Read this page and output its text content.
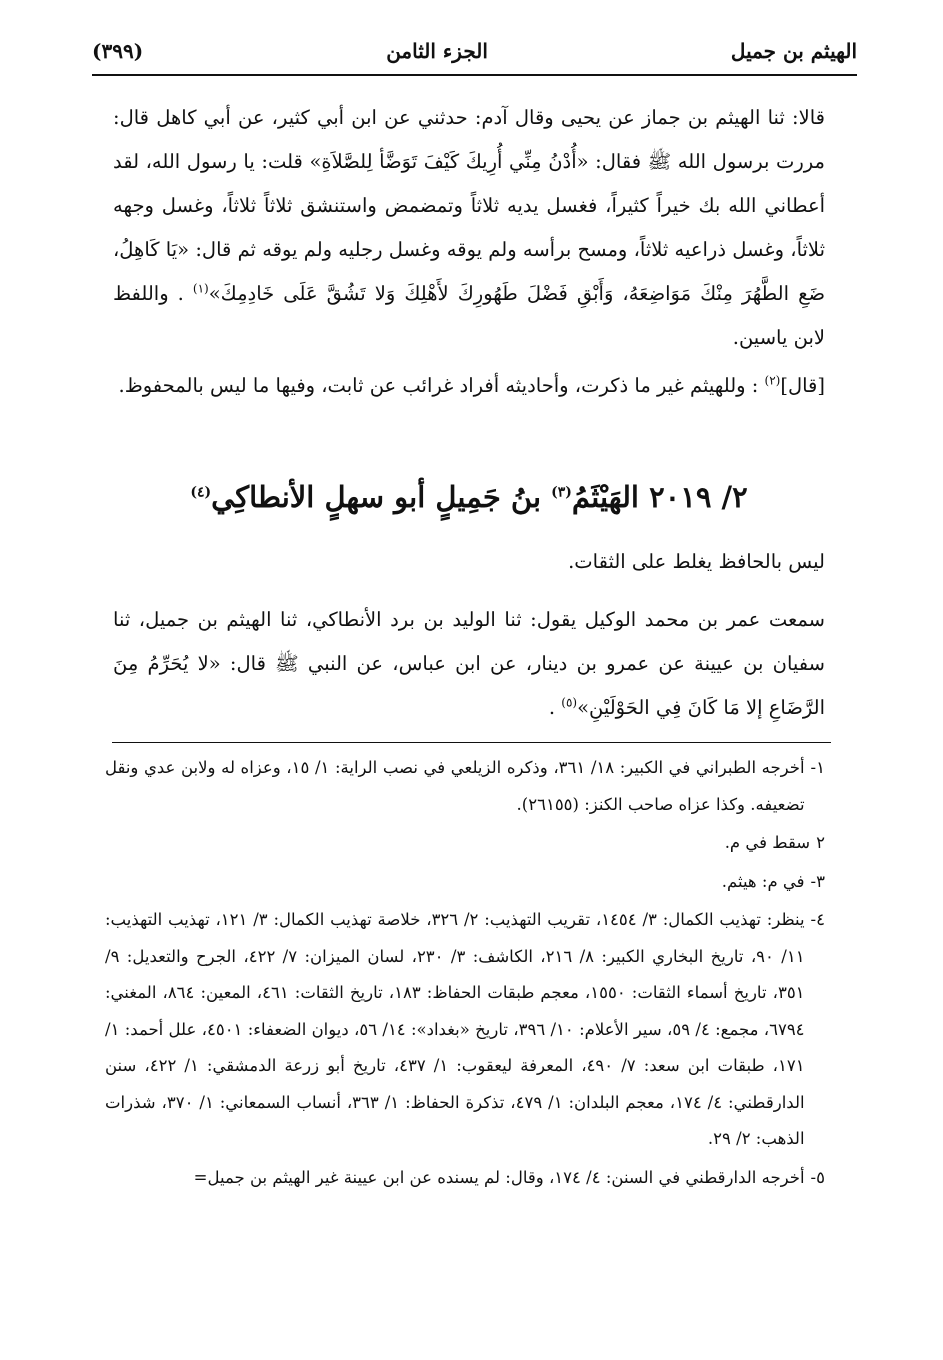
الهيثم بن جميل
الجزء الثامن
(٣٩٩)

قالا: ثنا الهيثم بن جماز عن يحيى وقال آدم: حدثني عن ابن أبي كثير، عن أبي كاهل قال: مررت برسول الله ﷺ فقال: «أُدْنُ مِنِّي أُرِيكَ كَيْفَ تَوَضَّأ لِلصَّلاَةِ» قلت: يا رسول الله، لقد أعطاني الله بك خيراً كثيراً، فغسل يديه ثلاثاً وتمضمض واستنشق ثلاثاً ثلاثاً، وغسل وجهه ثلاثاً، وغسل ذراعيه ثلاثاً، ومسح برأسه ولم يوقه وغسل رجليه ولم يوقه ثم قال: «يَا كَاهِلُ، ضَعِ الطَّهُرَ مِنْكَ مَوَاضِعَهُ، وَأَبْقِ فَضْلَ طَهُورِكَ لأَهْلِكَ وَلا تَشُقَّ عَلَى خَادِمِكَ»$^{(١)}$ . واللفظ لابن ياسين.

[قال]$^{(٢)}$ : وللهيثم غير ما ذكرت، وأحاديثه أفراد غرائب عن ثابت، وفيها ما ليس بالمحفوظ.

٢/ ٢٠١٩ الهَيْثَمُ$^{(٣)}$ بنُ جَمِيلٍ أبو سهلٍ الأنطاكِي$^{(٤)}$

ليس بالحافظ يغلط على الثقات.

سمعت عمر بن محمد الوكيل يقول: ثنا الوليد بن برد الأنطاكي، ثنا الهيثم بن جميل، ثنا سفيان بن عيينة عن عمرو بن دينار، عن ابن عباس، عن النبي ﷺ قال: «لا يُحَرِّمُ مِنَ الرَّضَاعِ إلا مَا كَانَ فِي الحَوْلَيْنِ»$^{(٥)}$ .

١-
أخرجه الطبراني في الكبير: ١٨/ ٣٦١، وذكره الزيلعي في نصب الراية: ١/ ١٥، وعزاه له ولابن عدي ونقل تضعيفه. وكذا عزاه صاحب الكنز: (٢٦١٥٥).
٢
سقط في م.
٣-
في م: هيثم.
٤-
ينظر: تهذيب الكمال: ٣/ ١٤٥٤، تقريب التهذيب: ٢/ ٣٢٦، خلاصة تهذيب الكمال: ٣/ ١٢١، تهذيب التهذيب: ١١/ ٩٠، تاريخ البخاري الكبير: ٨/ ٢١٦، الكاشف: ٣/ ٢٣٠، لسان الميزان: ٧/ ٤٢٢، الجرح والتعديل: ٩/ ٣٥١، تاريخ أسماء الثقات: ١٥٥٠، معجم طبقات الحفاظ: ١٨٣، تاريخ الثقات: ٤٦١، المعين: ٨٦٤، المغني: ٦٧٩٤، مجمع: ٤/ ٥٩، سير الأعلام: ١٠/ ٣٩٦، تاريخ «بغداد»: ١٤/ ٥٦، ديوان الضعفاء: ٤٥٠١، علل أحمد: ١/ ١٧١، طبقات ابن سعد: ٧/ ٤٩٠، المعرفة ليعقوب: ١/ ٤٣٧، تاريخ أبو زرعة الدمشقي: ١/ ٤٢٢، سنن الدارقطني: ٤/ ١٧٤، معجم البلدان: ١/ ٤٧٩، تذكرة الحفاظ: ١/ ٣٦٣، أنساب السمعاني: ١/ ٣٧٠، شذرات الذهب: ٢/ ٢٩.
٥-
أخرجه الدارقطني في السنن: ٤/ ١٧٤، وقال: لم يسنده عن ابن عيينة غير الهيثم بن جميل=
